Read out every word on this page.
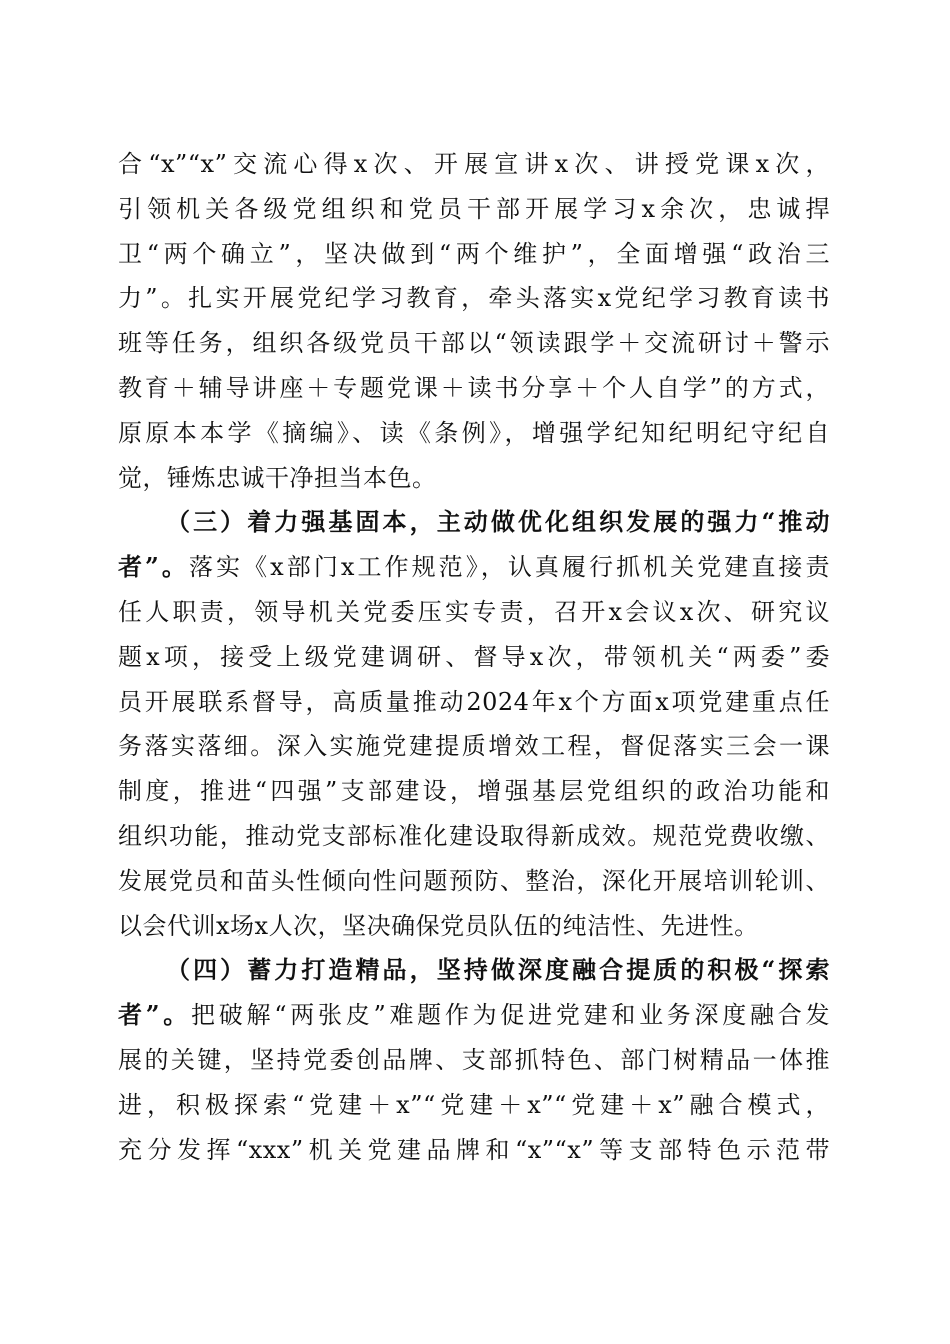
合“x”“x”交流心得x次、开展宣讲x次、讲授党课x次，
引领机关各级党组织和党员干部开展学习x余次，忠诚捍
卫“两个确立”，坚决做到“两个维护”，全面增强“政治三
力”。扎实开展党纪学习教育，牵头落实x党纪学习教育读书
班等任务，组织各级党员干部以“领读跟学＋交流研讨＋警示
教育＋辅导讲座＋专题党课＋读书分享＋个人自学”的方式，
原原本本学《摘编》、读《条例》，增强学纪知纪明纪守纪自
觉，锤炼忠诚干净担当本色。
（三）着力强基固本，主动做优化组织发展的强力“推动
者”。落实《x部门x工作规范》，认真履行抓机关党建直接责
任人职责，领导机关党委压实专责，召开x会议x次、研究议
题x项，接受上级党建调研、督导x次，带领机关“两委”委
员开展联系督导，高质量推动2024年x个方面x项党建重点任
务落实落细。深入实施党建提质增效工程，督促落实三会一课
制度，推进“四强”支部建设，增强基层党组织的政治功能和
组织功能，推动党支部标准化建设取得新成效。规范党费收缴、
发展党员和苗头性倾向性问题预防、整治，深化开展培训轮训、
以会代训x场x人次，坚决确保党员队伍的纯洁性、先进性。
（四）蓄力打造精品，坚持做深度融合提质的积极“探索
者”。把破解“两张皮”难题作为促进党建和业务深度融合发
展的关键，坚持党委创品牌、支部抓特色、部门树精品一体推
进，积极探索“党建＋x”“党建＋x”“党建＋x”融合模式，
充分发挥“xxx”机关党建品牌和“x”“x”等支部特色示范带
